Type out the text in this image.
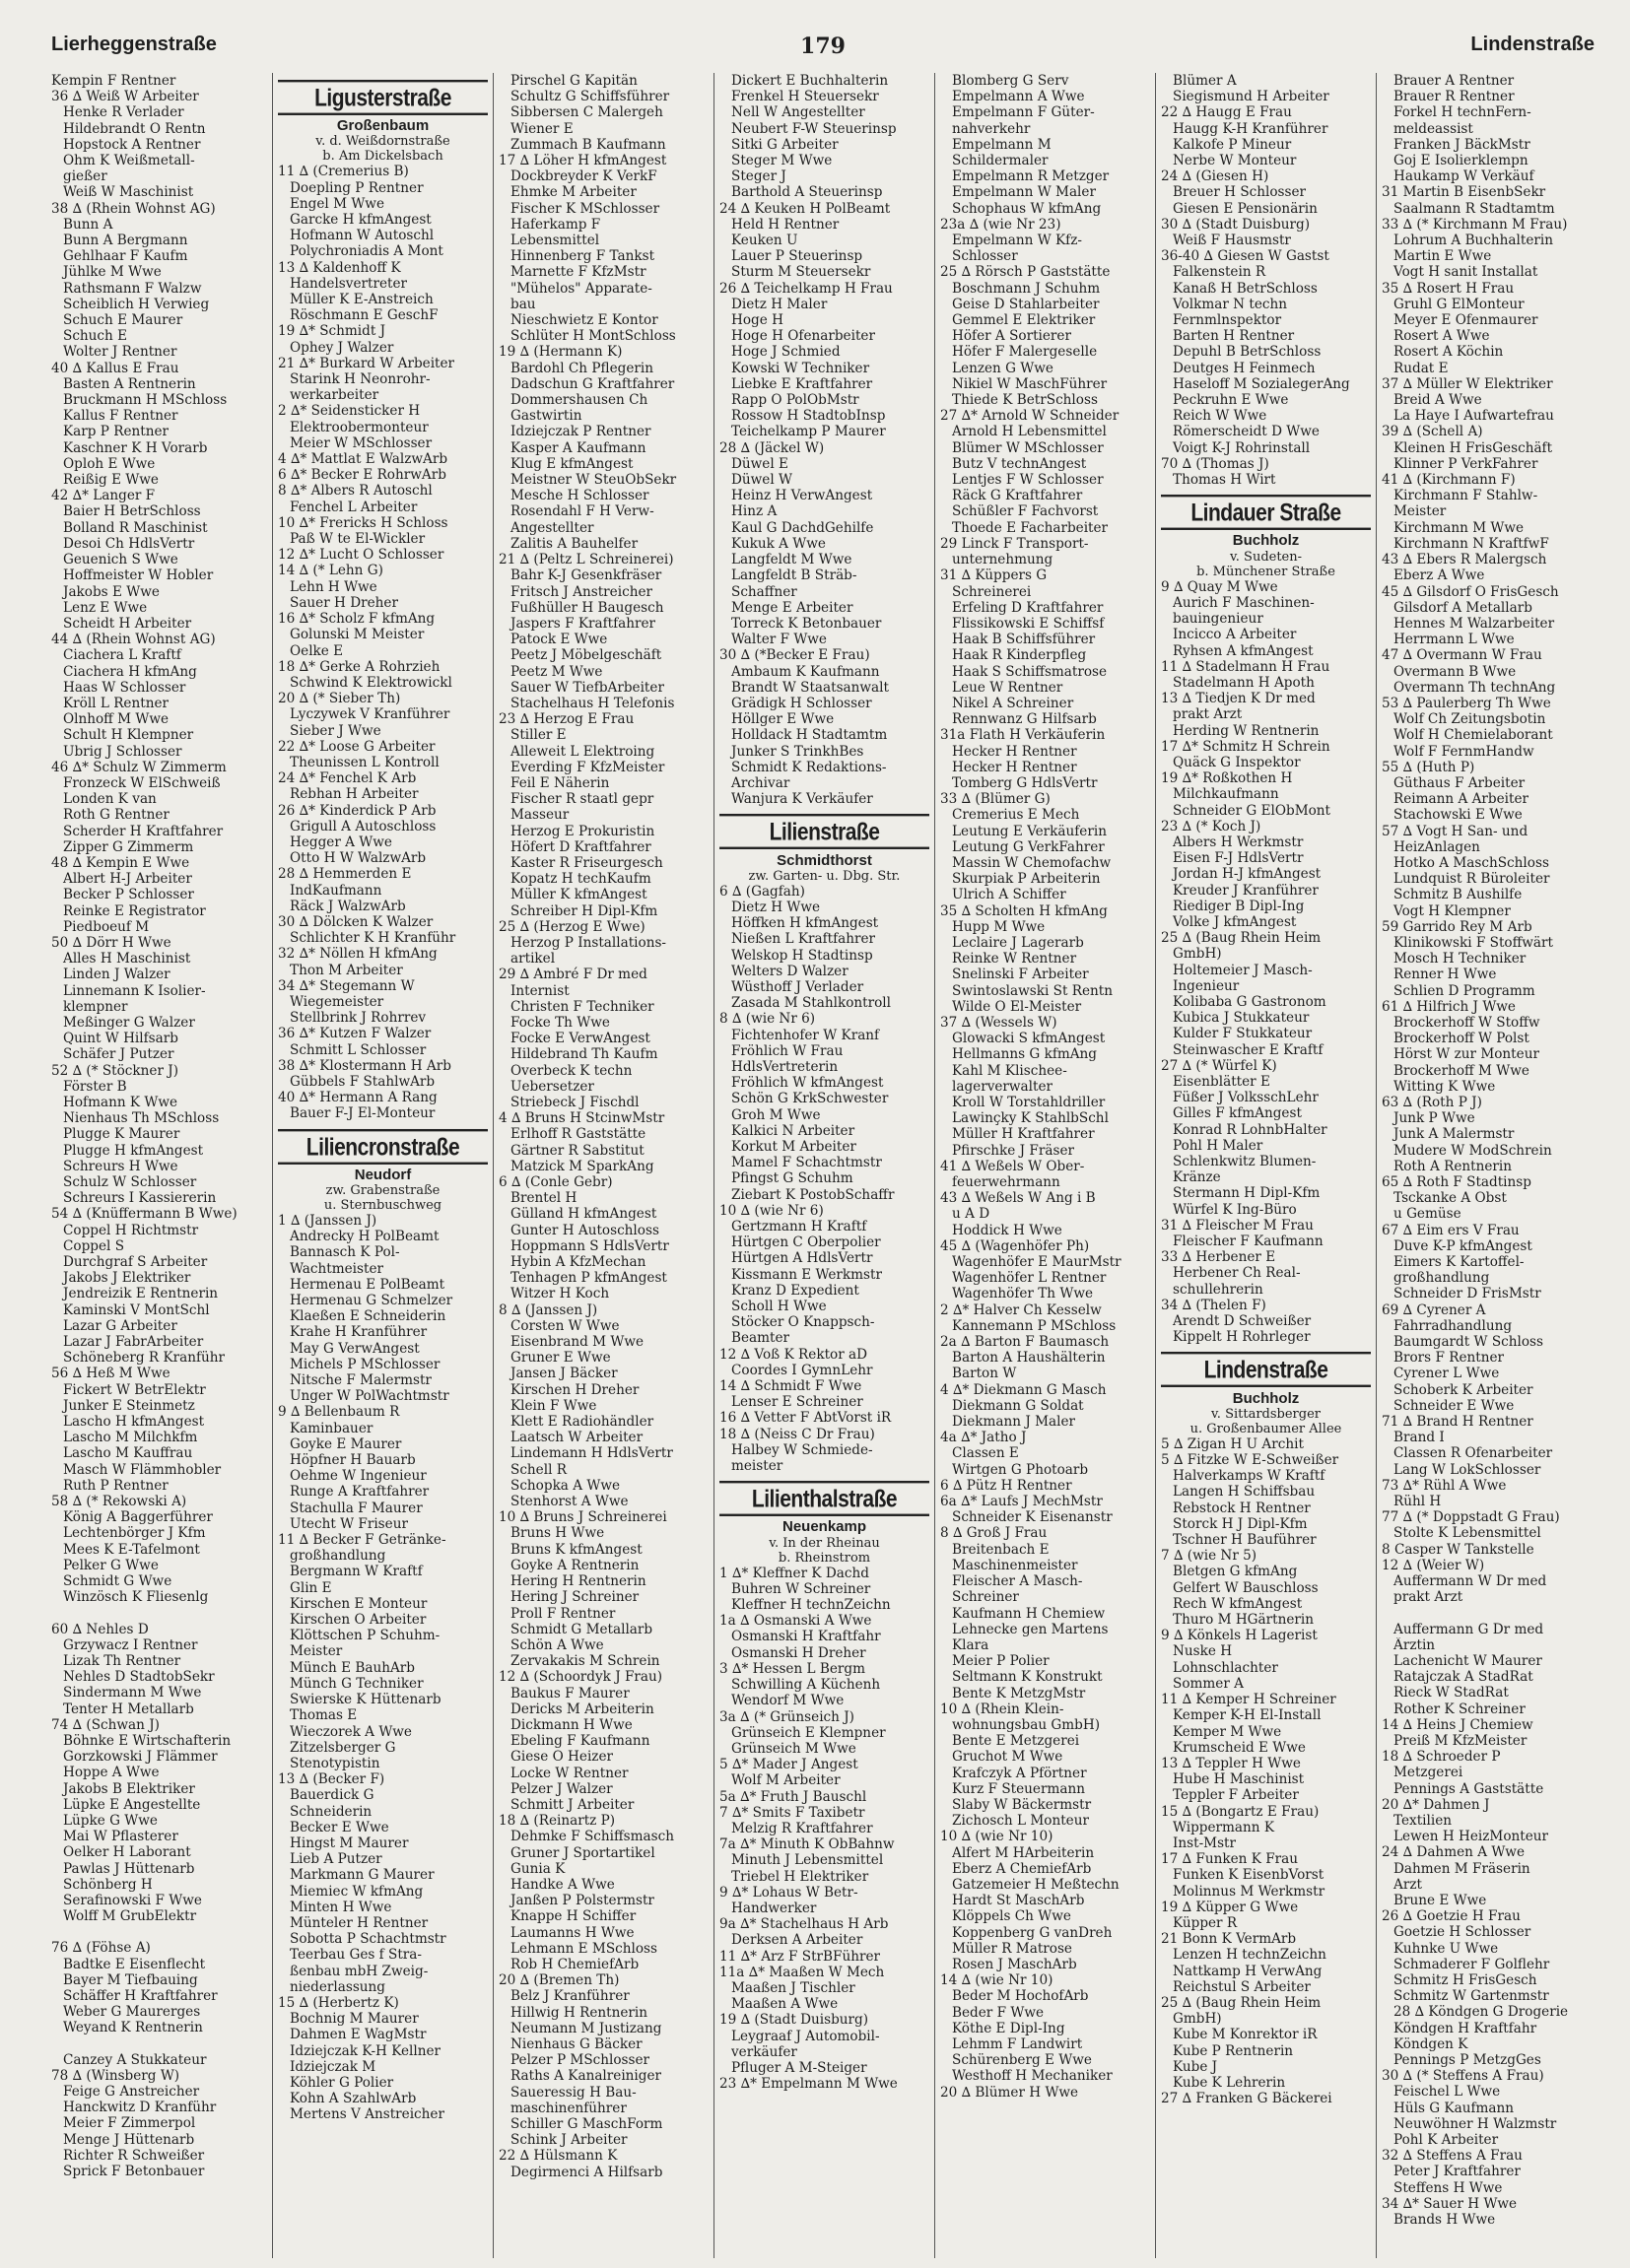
Lierheggenstraße	179	Lindenstraße
Kempin F Rentner
36 ∆ Weiß W Arbeiter
Henke R Verlader
Hildebrandt O Rentn
Hopstock A Rentner
Ohm K Weißmetall-
gießer
Weiß W Maschinist
38 ∆ (Rhein Wohnst AG)
Bunn A
Bunn A Bergmann
Gehlhaar F Kaufm
Jühlke M Wwe
Rathsmann F Walzw
Scheiblich H Verwieg
Schuch E Maurer
Schuch E
Wolter J Rentner
40 ∆ Kallus E Frau
Basten A Rentnerin
Bruckmann H MSchloss
Kallus F Rentner
Karp P Rentner
Kaschner K H Vorarb
Oploh E Wwe
Reißig E Wwe
42 ∆* Langer F
Baier H BetrSchloss
Bolland R Maschinist
Desoi Ch HdlsVertr
Geuenich S Wwe
Hoffmeister W Hobler
Jakobs E Wwe
Lenz E Wwe
Scheidt H Arbeiter
44 ∆ (Rhein Wohnst AG)
Ciachera L Kraftf
Ciachera H kfmAng
Haas W Schlosser
Kröll L Rentner
Olnhoff M Wwe
Schult H Klempner
Ubrig J Schlosser
46 ∆* Schulz W Zimmerm
Fronzeck W ElSchweiß
Londen K van
Roth G Rentner
Scherder H Kraftfahrer
Zipper G Zimmerm
48 ∆ Kempin E Wwe
Albert H-J Arbeiter
Becker P Schlosser
Reinke E Registrator
Piedboeuf M
50 ∆ Dörr H Wwe
Alles H Maschinist
Linden J Walzer
Linnemann K Isolier-
klempner
Meßinger G Walzer
Quint W Hilfsarb
Schäfer J Putzer
52 ∆ (* Stöckner J)
Förster B
Hofmann K Wwe
Nienhaus Th MSchloss
Plugge K Maurer
Plugge H kfmAngest
Schreurs H Wwe
Schulz W Schlosser
Schreurs I Kassiererin
54 ∆ (Knüffermann B Wwe)
Coppel H Richtmstr
Coppel S
Durchgraf S Arbeiter
Jakobs J Elektriker
Jendreizik E Rentnerin
Kaminski V MontSchl
Lazar G Arbeiter
Lazar J FabrArbeiter
Schöneberg R Kranführ
56 ∆ Heß M Wwe
Fickert W BetrElektr
Junker E Steinmetz
Lascho H kfmAngest
Lascho M Milchkfm
Lascho M Kauffrau
Masch W Flämmhobler
Ruth P Rentner
58 ∆ (* Rekowski A)
König A Baggerführer
Lechtenbörger J Kfm
Mees K E-Tafelmont
Pelker G Wwe
Schmidt G Wwe
Winzösch K Fliesenlg
60 ∆ Nehles D
Grzywacz I Rentner
Lizak Th Rentner
Nehles D StadtobSekr
Sindermann M Wwe
Tenter H Metallarb
74 ∆ (Schwan J)
Böhnke E Wirtschafterin
Gorzkowski J Flämmer
Hoppe A Wwe
Jakobs B Elektriker
Lüpke E Angestellte
Lüpke G Wwe
Mai W Pflasterer
Oelker H Laborant
Pawlas J Hüttenarb
Schönberg H
Serafinowski F Wwe
Wolff M GrubElektr
76 ∆ (Föhse A)
Badtke E Eisenflecht
Bayer M Tiefbauing
Schäffer H Kraftfahrer
Weber G Maurerges
Weyand K Rentnerin
Canzey A Stukkateur
78 ∆ (Winsberg W)
Feige G Anstreicher
Hanckwitz D Kranführ
Meier F Zimmerpol
Menge J Hüttenarb
Richter R Schweißer
Sprick F Betonbauer
Ligusterstraße
Großenbaum
v. d. Weißdornstraße
b. Am Dickelsbach
11 ∆ (Cremerius B)
Doepling P Rentner
Engel M Wwe
Garcke H kfmAngest
Hofmann W Autoschl
Polychroniadis A Mont
13 ∆ Kaldenhoff K
Handelsvertreter
Müller K E-Anstreich
Röschmann E GeschF
19 ∆* Schmidt J
Ophey J Walzer
21 ∆* Burkard W Arbeiter
Starink H Neonrohr-
werkarbeiter
2 ∆* Seidensticker H
Elektroobermonteur
Meier W MSchlosser
4 ∆* Mattlat E WalzwArb
6 ∆* Becker E RohrwArb
8 ∆* Albers R Autoschl
Fenchel L Arbeiter
10 ∆* Frericks H Schloss
Paß W te El-Wickler
12 ∆* Lucht O Schlosser
14 ∆ (* Lehn G)
Lehn H Wwe
Sauer H Dreher
16 ∆* Scholz F kfmAng
Golunski M Meister
Oelke E
18 ∆* Gerke A Rohrzieh
Schwind K Elektrowickl
20 ∆ (* Sieber Th)
Lyczywek V Kranführer
Sieber J Wwe
22 ∆* Loose G Arbeiter
Theunissen L Kontroll
24 ∆* Fenchel K Arb
Rebhan H Arbeiter
26 ∆* Kinderdick P Arb
Grigull A Autoschloss
Hegger A Wwe
Otto H W WalzwArb
28 ∆ Hemmerden E
IndKaufmann
Räck J WalzwArb
30 ∆ Dölcken K Walzer
Schlichter K H Kranführ
32 ∆* Nöllen H kfmAng
Thon M Arbeiter
34 ∆* Stegemann W
Wiegemeister
Stellbrink J Rohrrev
36 ∆* Kutzen F Walzer
Schmitt L Schlosser
38 ∆* Klostermann H Arb
Gübbels F StahlwArb
40 ∆* Hermann A Rang
Bauer F-J El-Monteur
Liliencronstraße
Neudorf
zw. Grabenstraße
u. Sternbuschweg
1 ∆ (Janssen J)
Andrecky H PolBeamt
Bannasch K Pol-
Wachtmeister
Hermenau E PolBeamt
Hermenau G Schmelzer
Klaeßen E Schneiderin
Krahe H Kranführer
May G VerwAngest
Michels P MSchlosser
Nitsche F Malermstr
Unger W PolWachtmstr
9 ∆ Bellenbaum R
Kaminbauer
Goyke E Maurer
Höpfner H Bauarb
Oehme W Ingenieur
Runge A Kraftfahrer
Stachulla F Maurer
Utecht W Friseur
11 ∆ Becker F Getränke-
großhandlung
Bergmann W Kraftf
Glin E
Kirschen E Monteur
Kirschen O Arbeiter
Klöttschen P Schuhm-
Meister
Münch E BauhArb
Münch G Techniker
Swierske K Hüttenarb
Thomas E
Wieczorek A Wwe
Zitzelsberger G
Stenotypistin
13 ∆ (Becker F)
Bauerdick G
Schneiderin
Becker E Wwe
Hingst M Maurer
Lieb A Putzer
Markmann G Maurer
Miemiec W kfmAng
Minten H Wwe
Münteler H Rentner
Sobotta P Schachtmstr
Teerbau Ges f Stra-
ßenbau mbH Zweig-
niederlassung
15 ∆ (Herbertz K)
Bochnig M Maurer
Dahmen E WagMstr
Idziejczak K-H Kellner
Idziejczak M
Köhler G Polier
Kohn A SzahlwArb
Mertens V Anstreicher
Pirschel G Kapitän
Schultz G Schiffsführer
Sibbersen C Malergeh
Wiener E
Zummach B Kaufmann
17 ∆ Löher H kfmAngest
Dockbreyder K VerkF
Ehmke M Arbeiter
Fischer K MSchlosser
Haferkamp F
Lebensmittel
Hinnenberg F Tankst
Marnette F KfzMstr
"Mühelos" Apparate-
bau
Nieschwietz E Kontor
Schlüter H MontSchloss
19 ∆ (Hermann K)
Bardohl Ch Pflegerin
Dadschun G Kraftfahrer
Dommershausen Ch
Gastwirtin
Idziejczak P Rentner
Kasper A Kaufmann
Klug E kfmAngest
Meistner W SteuObSekr
Mesche H Schlosser
Rosendahl F H Verw-
Angestellter
Zalitis A Bauhelfer
21 ∆ (Peltz L Schreinerei)
Bahr K-J Gesenkfräser
Fritsch J Anstreicher
Fußhüller H Baugesch
Jaspers F Kraftfahrer
Patock E Wwe
Peetz J Möbelgeschäft
Peetz M Wwe
Sauer W TiefbArbeiter
Stachelhaus H Telefonis
23 ∆ Herzog E Frau
Stiller E
Alleweit L Elektroing
Everding F KfzMeister
Feil E Näherin
Fischer R staatl gepr
Masseur
Herzog E Prokuristin
Höfert D Kraftfahrer
Kaster R Friseurgesch
Kopatz H techKaufm
Müller K kfmAngest
Schreiber H Dipl-Kfm
25 ∆ (Herzog E Wwe)
Herzog P Installations-
artikel
29 ∆ Ambré F Dr med
Internist
Christen F Techniker
Focke Th Wwe
Focke E VerwAngest
Hildebrand Th Kaufm
Overbeck K techn
Uebersetzer
Striebeck J Fischdl
4 ∆ Bruns H StcinwMstr
Erlhoff R Gaststätte
Gärtner R Sabstitut
Matzick M SparkAng
6 ∆ (Conle Gebr)
Brentel H
Gülland H kfmAngest
Gunter H Autoschloss
Hoppmann S HdlsVertr
Hybin A KfzMechan
Tenhagen P kfmAngest
Witzer H Koch
8 ∆ (Janssen J)
Corsten W Wwe
Eisenbrand M Wwe
Gruner E Wwe
Jansen J Bäcker
Kirschen H Dreher
Klein F Wwe
Klett E Radiohändler
Laatsch W Arbeiter
Lindemann H HdlsVertr
Schell R
Schopka A Wwe
Stenhorst A Wwe
10 ∆ Bruns J Schreinerei
Bruns H Wwe
Bruns K kfmAngest
Goyke A Rentnerin
Hering H Rentnerin
Hering J Schreiner
Proll F Rentner
Schmidt G Metallarb
Schön A Wwe
Zervakakis M Schrein
12 ∆ (Schoordyk J Frau)
Baukus F Maurer
Dericks M Arbeiterin
Dickmann H Wwe
Ebeling F Kaufmann
Giese O Heizer
Locke W Rentner
Pelzer J Walzer
Schmitt J Arbeiter
18 ∆ (Reinartz P)
Dehmke F Schiffsmasch
Gruner J Sportartikel
Gunia K
Handke A Wwe
Janßen P Polstermstr
Knappe H Schiffer
Laumanns H Wwe
Lehmann E MSchloss
Rob H ChemiefArb
20 ∆ (Bremen Th)
Belz J Kranführer
Hillwig H Rentnerin
Neumann M Justizang
Nienhaus G Bäcker
Pelzer P MSchlosser
Raths A Kanalreiniger
Saueressig H Bau-
maschinenführer
Schiller G MaschForm
Schink J Arbeiter
22 ∆ Hülsmann K
Degirmenci A Hilfsarb
Dickert E Buchhalterin
Frenkel H Steuersekr
Nell W Angestellter
Neubert F-W Steuerinsp
Sitki G Arbeiter
Steger M Wwe
Steger J
Barthold A Steuerinsp
24 ∆ Keuken H PolBeamt
Held H Rentner
Keuken U
Lauer P Steuerinsp
Sturm M Steuersekr
26 ∆ Teichelkamp H Frau
Dietz H Maler
Hoge H
Hoge H Ofenarbeiter
Hoge J Schmied
Kowski W Techniker
Liebke E Kraftfahrer
Rapp O PolObMstr
Rossow H StadtobInsp
Teichelkamp P Maurer
28 ∆ (Jäckel W)
Düwel E
Düwel W
Heinz H VerwAngest
Hinz A
Kaul G DachdGehilfe
Kukuk A Wwe
Langfeldt M Wwe
Langfeldt B Sträb-
Schaffner
Menge E Arbeiter
Torreck K Betonbauer
Walter F Wwe
30 ∆ (*Becker E Frau)
Ambaum K Kaufmann
Brandt W Staatsanwalt
Grädigk H Schlosser
Höllger E Wwe
Holldack H Stadtamtm
Junker S TrinkhBes
Schmidt K Redaktions-
Archivar
Wanjura K Verkäufer
Lilienstraße
Schmidthorst
zw. Garten- u. Dbg. Str.
6 ∆ (Gagfah)
Dietz H Wwe
Höffken H kfmAngest
Nießen L Kraftfahrer
Welskop H Stadtinsp
Welters D Walzer
Wüsthoff J Verlader
Zasada M Stahlkontroll
8 ∆ (wie Nr 6)
Fichtenhofer W Kranf
Fröhlich W Frau
HdlsVertreterin
Fröhlich W kfmAngest
Schön G KrkSchwester
Groh M Wwe
Kalkici N Arbeiter
Korkut M Arbeiter
Mamel F Schachtmstr
Pfingst G Schuhm
Ziebart K PostobSchaffr
10 ∆ (wie Nr 6)
Gertzmann H Kraftf
Hürtgen C Oberpolier
Hürtgen A HdlsVertr
Kissmann E Werkmstr
Kranz D Expedient
Scholl H Wwe
Stöcker O Knappsch-
Beamter
12 ∆ Voß K Rektor aD
Coordes I GymnLehr
14 ∆ Schmidt F Wwe
Lenser E Schreiner
16 ∆ Vetter F AbtVorst iR
18 ∆ (Neiss C Dr Frau)
Halbey W Schmiede-
meister
Lilienthalstraße
Neuenkamp
v. In der Rheinau
b. Rheinstrom
1 ∆* Kleffner K Dachd
Buhren W Schreiner
Kleffner H technZeichn
1a ∆ Osmanski A Wwe
Osmanski H Kraftfahr
Osmanski H Dreher
3 ∆* Hessen L Bergm
Schwilling A Küchenh
Wendorf M Wwe
3a ∆ (* Grünseich J)
Grünseich E Klempner
Grünseich M Wwe
5 ∆* Mader J Angest
Wolf M Arbeiter
5a ∆* Fruth J Bauschl
7 ∆* Smits F Taxibetr
Melzig R Kraftfahrer
7a ∆* Minuth K ObBahnw
Minuth J Lebensmittel
Triebel H Elektriker
9 ∆* Lohaus W Betr-
Handwerker
9a ∆* Stachelhaus H Arb
Derksen A Arbeiter
11 ∆* Arz F StrBFührer
11a ∆* Maaßen W Mech
Maaßen J Tischler
Maaßen A Wwe
19 ∆ (Stadt Duisburg)
Leygraaf J Automobil-
verkäufer
Pfluger A M-Steiger
23 ∆* Empelmann M Wwe
Blomberg G Serv
Empelmann A Wwe
Empelmann F Güter-
nahverkehr
Empelmann M
Schildermaler
Empelmann R Metzger
Empelmann W Maler
Schophaus W kfmAng
23a ∆ (wie Nr 23)
Empelmann W Kfz-
Schlosser
25 ∆ Rörsch P Gaststätte
Boschmann J Schuhm
Geise D Stahlarbeiter
Gemmel E Elektriker
Höfer A Sortierer
Höfer F Malergeselle
Lenzen G Wwe
Nikiel W MaschFührer
Thiede K BetrSchloss
27 ∆* Arnold W Schneider
Arnold H Lebensmittel
Blümer W MSchlosser
Butz V technAngest
Lentjes F W Schlosser
Räck G Kraftfahrer
Schüßler F Fachvorst
Thoede E Facharbeiter
29 Linck F Transport-
unternehmung
31 ∆ Küppers G
Schreinerei
Erfeling D Kraftfahrer
Flissikowski E Schiffsf
Haak B Schiffsführer
Haak R Kinderpfleg
Haak S Schiffsmatrose
Leue W Rentner
Nikel A Schreiner
Rennwanz G Hilfsarb
31a Flath H Verkäuferin
Hecker H Rentner
Hecker H Rentner
Tomberg G HdlsVertr
33 ∆ (Blümer G)
Cremerius E Mech
Leutung E Verkäuferin
Leutung G VerkFahrer
Massin W Chemofachw
Skurpiak P Arbeiterin
Ulrich A Schiffer
35 ∆ Scholten H kfmAng
Hupp M Wwe
Leclaire J Lagerarb
Reinke W Rentner
Snelinski F Arbeiter
Swintoslawski St Rentn
Wilde O El-Meister
37 ∆ (Wessels W)
Glowacki S kfmAngest
Hellmanns G kfmAng
Kahl M Klischee-
lagerverwalter
Kroll W Torstahldriller
Lawinçky K StahlbSchl
Müller H Kraftfahrer
Pfirschke J Fräser
41 ∆ Weßels W Ober-
feuerwehrmann
43 ∆ Weßels W Ang i B
u A D
Hoddick H Wwe
45 ∆ (Wagenhöfer Ph)
Wagenhöfer E MaurMstr
Wagenhöfer L Rentner
Wagenhöfer Th Wwe
2 ∆* Halver Ch Kesselw
Kannemann P MSchloss
2a ∆ Barton F Baumasch
Barton A Haushälterin
Barton W
4 ∆* Diekmann G Masch
Diekmann G Soldat
Diekmann J Maler
4a ∆* Jatho J
Classen E
Wirtgen G Photoarb
6 ∆ Pütz H Rentner
6a ∆* Laufs J MechMstr
Schneider K Eisenanstr
8 ∆ Groß J Frau
Breitenbach E
Maschinenmeister
Fleischer A Masch-
Schreiner
Kaufmann H Chemiew
Lehnecke gen Martens
Klara
Meier P Polier
Seltmann K Konstrukt
Bente K MetzgMstr
10 ∆ (Rhein Klein-
wohnungsbau GmbH)
Bente E Metzgerei
Gruchot M Wwe
Krafczyk A Pförtner
Kurz F Steuermann
Slaby W Bäckermstr
Zichosch L Monteur
10 ∆ (wie Nr 10)
Alfert M HArbeiterin
Eberz A ChemiefArb
Gatzemeier H Meßtechn
Hardt St MaschArb
Klöppels Ch Wwe
Koppenberg G vanDreh
Müller R Matrose
Rosen J MaschArb
14 ∆ (wie Nr 10)
Beder M HochofArb
Beder F Wwe
Köthe E Dipl-Ing
Lehmm F Landwirt
Schürenberg E Wwe
Westhoff H Mechaniker
20 ∆ Blümer H Wwe
Blümer A
Siegismund H Arbeiter
22 ∆ Haugg E Frau
Haugg K-H Kranführer
Kalkofe P Mineur
Nerbe W Monteur
24 ∆ (Giesen H)
Breuer H Schlosser
Giesen E Pensionärin
30 ∆ (Stadt Duisburg)
Weiß F Hausmstr
36-40 ∆ Giesen W Gastst
Falkenstein R
Kanaß H BetrSchloss
Volkmar N techn
Fernmlnspektor
Barten H Rentner
Depuhl B BetrSchloss
Deutges H Feinmech
Haseloff M SozialegerAng
Peckruhn E Wwe
Reich W Wwe
Römerscheidt D Wwe
Voigt K-J Rohrinstall
70 ∆ (Thomas J)
Thomas H Wirt
Lindauer Straße
Buchholz
v. Sudeten-
b. Münchener Straße
9 ∆ Quay M Wwe
Aurich F Maschinen-
bauingenieur
Incicco A Arbeiter
Ryhsen A kfmAngest
11 ∆ Stadelmann H Frau
Stadelmann H Apoth
13 ∆ Tiedjen K Dr med
prakt Arzt
Herding W Rentnerin
17 ∆* Schmitz H Schrein
Quäck G Inspektor
19 ∆* Roßkothen H
Milchkaufmann
Schneider G ElObMont
23 ∆ (* Koch J)
Albers H Werkmstr
Eisen F-J HdlsVertr
Jordan H-J kfmAngest
Kreuder J Kranführer
Riediger B Dipl-Ing
Volke J kfmAngest
25 ∆ (Baug Rhein Heim
GmbH)
Holtemeier J Masch-
Ingenieur
Kolibaba G Gastronom
Kubica J Stukkateur
Kulder F Stukkateur
Steinwascher E Kraftf
27 ∆ (* Würfel K)
Eisenblätter E
Füßer J VolksschLehr
Gilles F kfmAngest
Konrad R LohnbHalter
Pohl H Maler
Schlenkwitz Blumen-
Kränze
Stermann H Dipl-Kfm
Würfel K Ing-Büro
31 ∆ Fleischer M Frau
Fleischer F Kaufmann
33 ∆ Herbener E
Herbener Ch Real-
schullehrerin
34 ∆ (Thelen F)
Arendt D Schweißer
Kippelt H Rohrleger
Lindenstraße
Buchholz
v. Sittardsberger
u. Großenbaumer Allee
5 ∆ Zigan H U Archit
5 ∆ Fitzke W E-Schweißer
Halverkamps W Kraftf
Langen H Schiffsbau
Rebstock H Rentner
Storck H J Dipl-Kfm
Tschner H Bauführer
7 ∆ (wie Nr 5)
Bletgen G kfmAng
Gelfert W Bauschloss
Rech W kfmAngest
Thuro M HGärtnerin
9 ∆ Könkels H Lagerist
Nuske H
Lohnschlachter
Sommer A
11 ∆ Kemper H Schreiner
Kemper K-H El-Install
Kemper M Wwe
Krumscheid E Wwe
13 ∆ Teppler H Wwe
Hube H Maschinist
Teppler F Arbeiter
15 ∆ (Bongartz E Frau)
Wippermann K
Inst-Mstr
17 ∆ Funken K Frau
Funken K EisenbVorst
Molinnus M Werkmstr
19 ∆ Küpper G Wwe
Küpper R
21 Bonn K VermArb
Lenzen H technZeichn
Nattkamp H VerwAng
Reichstul S Arbeiter
25 ∆ (Baug Rhein Heim
GmbH)
Kube M Konrektor iR
Kube P Rentnerin
Kube J
Kube K Lehrerin
27 ∆ Franken G Bäckerei
Brauer A Rentner
Brauer R Rentner
Forkel H technFern-
meldeassist
Franken J BäckMstr
Goj E Isolierklempn
Haukamp W Verkäuf
31 Martin B EisenbSekr
Saalmann R Stadtamtm
33 ∆ (* Kirchmann M Frau)
Lohrum A Buchhalterin
Martin E Wwe
Vogt H sanit Installat
35 ∆ Rosert H Frau
Gruhl G ElMonteur
Meyer E Ofenmaurer
Rosert A Wwe
Rosert A Köchin
Rudat E
37 ∆ Müller W Elektriker
Breid A Wwe
La Haye I Aufwartefrau
39 ∆ (Schell A)
Kleinen H FrisGeschäft
Klinner P VerkFahrer
41 ∆ (Kirchmann F)
Kirchmann F Stahlw-
Meister
Kirchmann M Wwe
Kirchmann N KraftfwF
43 ∆ Ebers R Malergsch
Eberz A Wwe
45 ∆ Gilsdorf O FrisGesch
Gilsdorf A Metallarb
Hennes M Walzarbeiter
Herrmann L Wwe
47 ∆ Overmann W Frau
Overmann B Wwe
Overmann Th technAng
53 ∆ Paulerberg Th Wwe
Wolf Ch Zeitungsbotin
Wolf H Chemielaborant
Wolf F FernmHandw
55 ∆ (Huth P)
Güthaus F Arbeiter
Reimann A Arbeiter
Stachowski E Wwe
57 ∆ Vogt H San- und
HeizAnlagen
Hotko A MaschSchloss
Lundquist R Büroleiter
Schmitz B Aushilfe
Vogt H Klempner
59 Garrido Rey M Arb
Klinikowski F Stoffwärt
Mosch H Techniker
Renner H Wwe
Schlien D Programm
61 ∆ Hilfrich J Wwe
Brockerhoff W Stoffw
Brockerhoff W Polst
Hörst W zur Monteur
Brockerhoff M Wwe
Witting K Wwe
63 ∆ (Roth P J)
Junk P Wwe
Junk A Malermstr
Mudere W ModSchrein
Roth A Rentnerin
65 ∆ Roth F Stadtinsp
Tsckanke A Obst
u Gemüse
67 ∆ Eim ers V Frau
Duve K-P kfmAngest
Eimers K Kartoffel-
großhandlung
Schneider D FrisMstr
69 ∆ Cyrener A
Fahrradhandlung
Baumgardt W Schloss
Brors F Rentner
Cyrener L Wwe
Schoberk K Arbeiter
Schneider E Wwe
71 ∆ Brand H Rentner
Brand I
Classen R Ofenarbeiter
Lang W LokSchlosser
73 ∆* Rühl A Wwe
Rühl H
77 ∆ (* Doppstadt G Frau)
Stolte K Lebensmittel
8 Casper W Tankstelle
12 ∆ (Weier W)
Auffermann W Dr med
prakt Arzt
Auffermann G Dr med
Ärztin
Lachenicht W Maurer
Ratajczak A StadRat
Rieck W StadRat
Rother K Schreiner
14 ∆ Heins J Chemiew
Preiß M KfzMeister
18 ∆ Schroeder P
Metzgerei
Pennings A Gaststätte
20 ∆* Dahmen J
Textilien
Lewen H HeizMonteur
24 ∆ Dahmen A Wwe
Dahmen M Fräserin
Arzt
Brune E Wwe
26 ∆ Goetzie H Frau
Goetzie H Schlosser
Kuhnke U Wwe
Schmaderer F Golflehr
Schmitz H FrisGesch
Schmitz W Gartenmstr
28 ∆ Köndgen G Drogerie
Köndgen H Kraftfahr
Köndgen K
Pennings P MetzgGes
30 ∆ (* Steffens A Frau)
Feischel L Wwe
Hüls G Kaufmann
Neuwöhner H Walzmstr
Pohl K Arbeiter
32 ∆ Steffens A Frau
Peter J Kraftfahrer
Steffens H Wwe
34 ∆* Sauer H Wwe
Brands H Wwe
